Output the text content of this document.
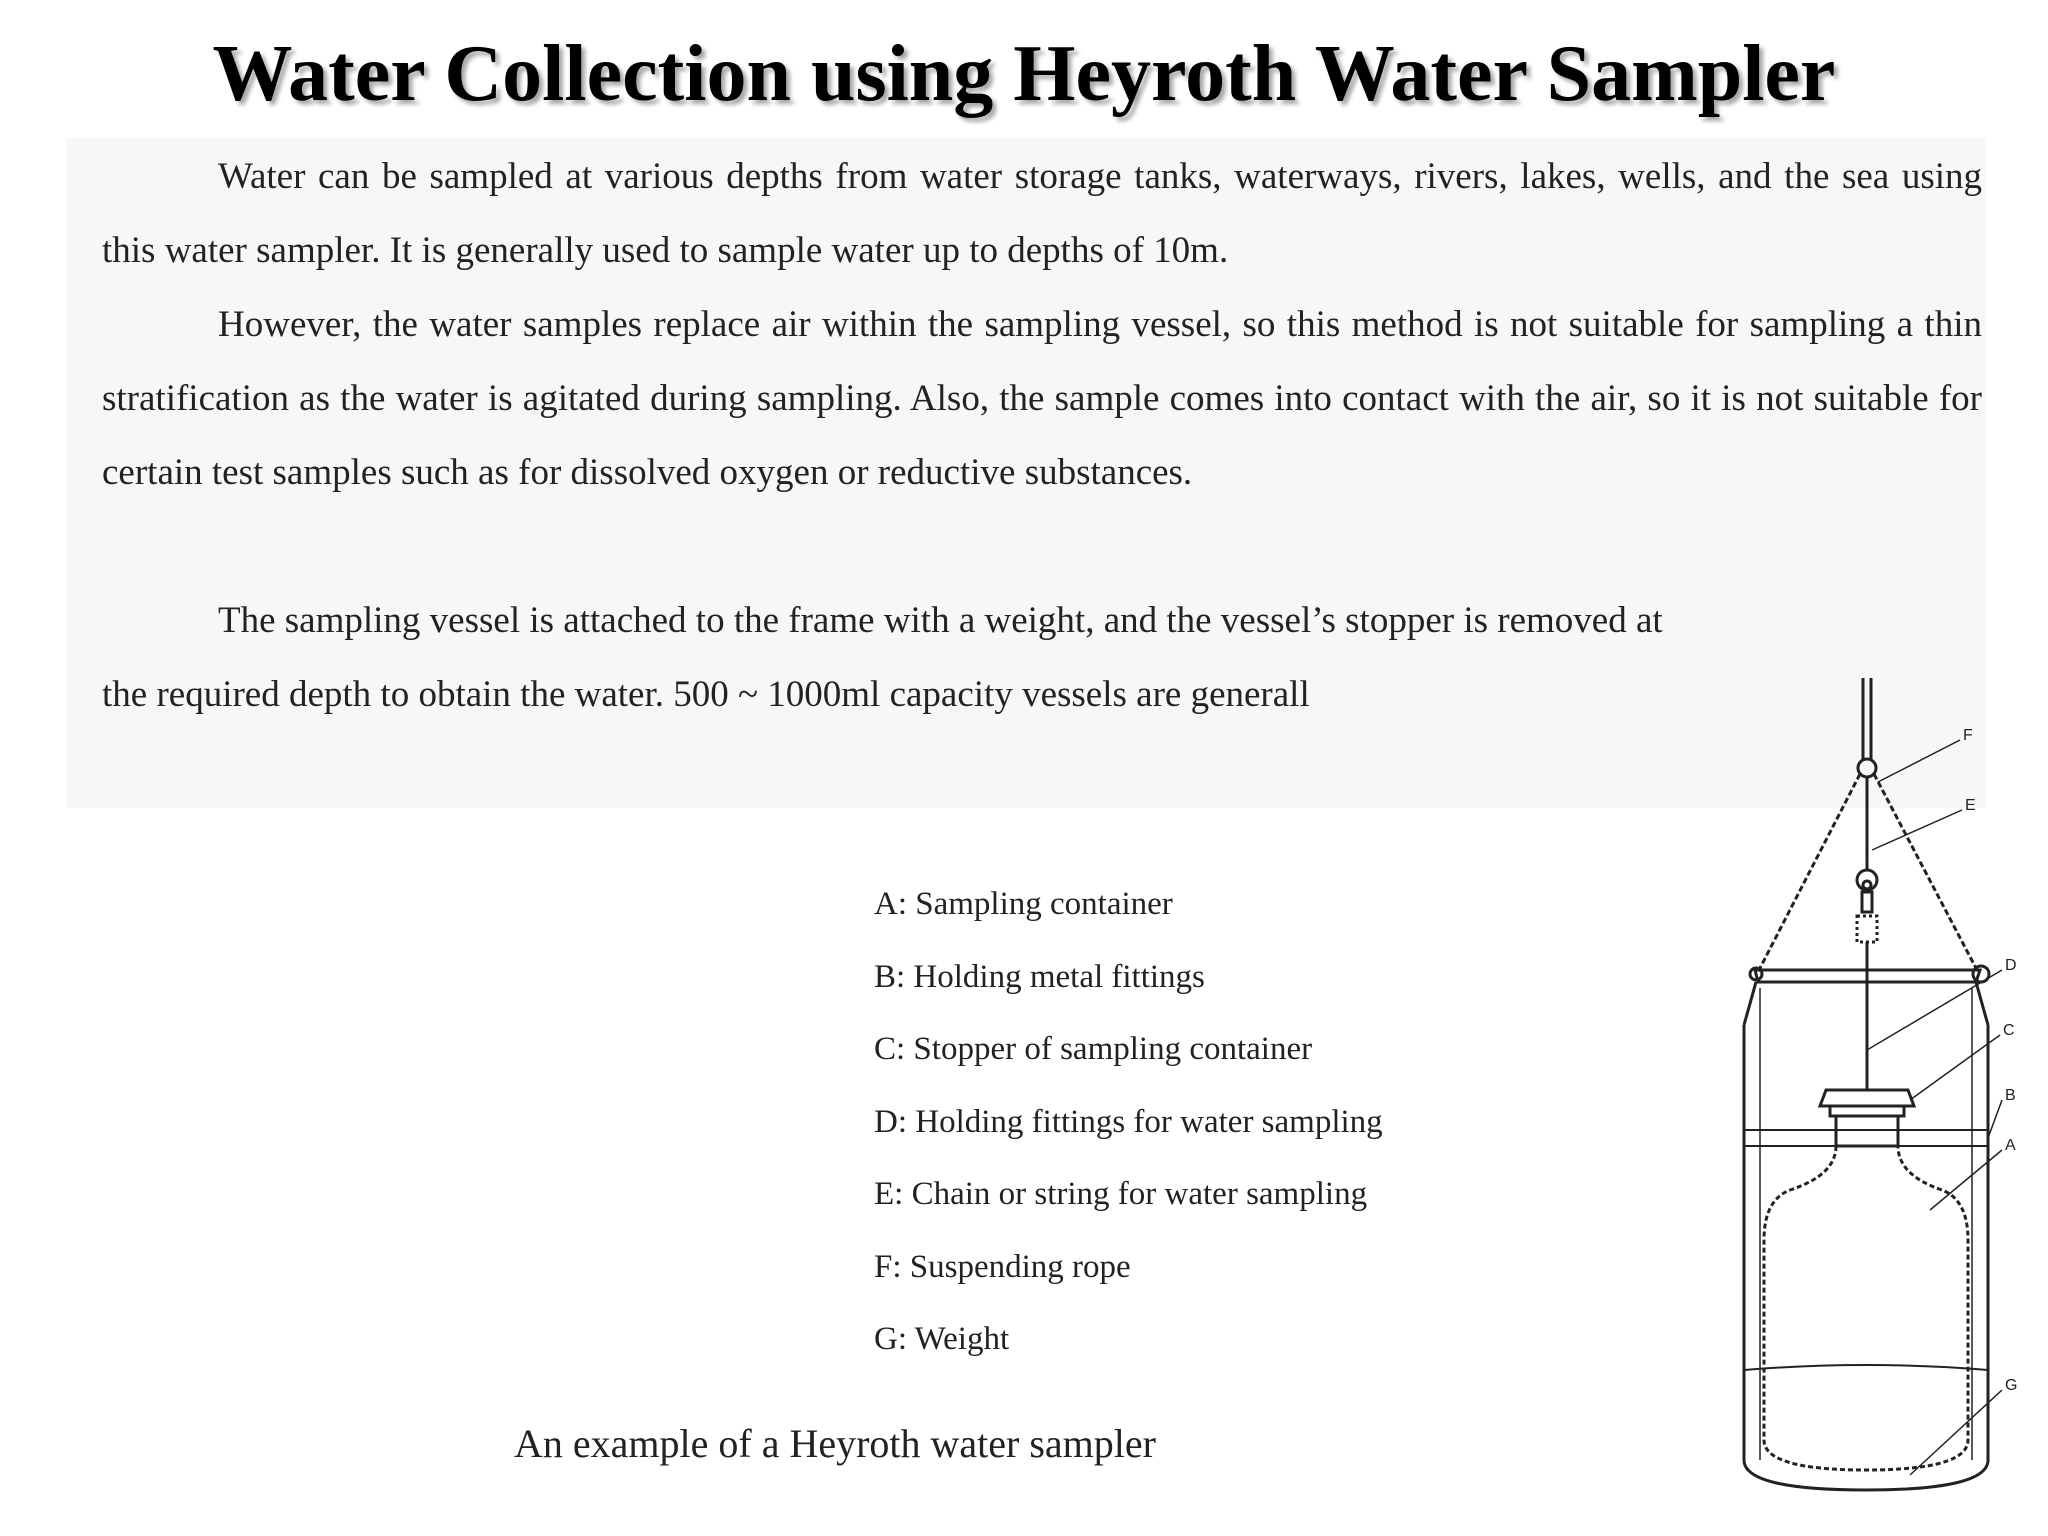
Water Collection using Heyroth Water Sampler

Water can be sampled at various depths from water storage tanks, waterways, rivers, lakes, wells, and the sea using this water sampler. It is generally used to sample water up to depths of 10m.

However, the water samples replace air within the sampling vessel, so this method is not suitable for sampling a thin stratification as the water is agitated during sampling. Also, the sample comes into contact with the air, so it is not suitable for certain test samples such as for dissolved oxygen or reductive substances.

The sampling vessel is attached to the frame with a weight, and the vessel’s stopper is removed at

the required depth to obtain the water. 500 ~ 1000ml capacity vessels are generall
A: Sampling container
B: Holding metal fittings
C: Stopper of sampling container
D: Holding fittings for water sampling
E: Chain or string for water sampling
F: Suspending rope
G: Weight
An example of a Heyroth water sampler
F
E
D
C
B
A
G
